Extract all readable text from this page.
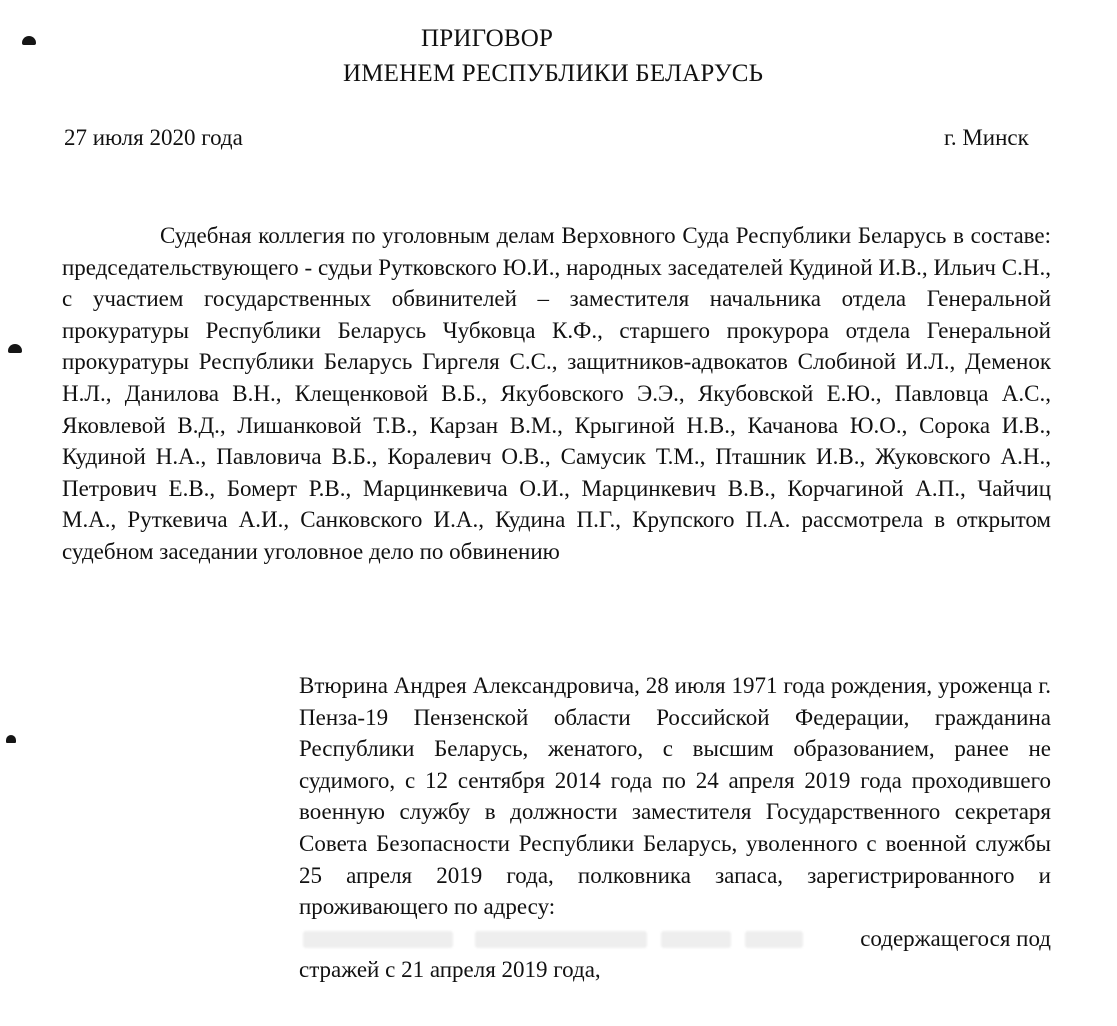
ПРИГОВОР
ИМЕНЕМ РЕСПУБЛИКИ БЕЛАРУСЬ
27 июля 2020 года	г. Минск

Судебная коллегия по уголовным делам Верховного Суда Республики Беларусь в составе: председательствующего - судьи Рутковского Ю.И., народных заседателей Кудиной И.В., Ильич С.Н., с участием государственных обвинителей – заместителя начальника отдела Генеральной прокуратуры Республики Беларусь Чубковца К.Ф., старшего прокурора отдела Генеральной прокуратуры Республики Беларусь Гиргеля С.С., защитников-адвокатов Слобиной И.Л., Деменок Н.Л., Данилова В.Н., Клещенковой В.Б., Якубовского Э.Э., Якубовской Е.Ю., Павловца А.С., Яковлевой В.Д., Лишанковой Т.В., Карзан В.М., Крыгиной Н.В., Качанова Ю.О., Сорока И.В., Кудиной Н.А., Павловича В.Б., Коралевич О.В., Самусик Т.М., Пташник И.В., Жуковского А.Н., Петрович Е.В., Бомерт Р.В., Марцинкевича О.И., Марцинкевич В.В., Корчагиной А.П., Чайчиц М.А., Руткевича А.И., Санковского И.А., Кудина П.Г., Крупского П.А. рассмотрела в открытом судебном заседании уголовное дело по обвинению

Втюрина Андрея Александровича, 28 июля 1971 года рождения, уроженца г. Пенза-19 Пензенской области Российской Федерации, гражданина Республики Беларусь, женатого, с высшим образованием, ранее не судимого, с 12 сентября 2014 года по 24 апреля 2019 года проходившего военную службу в должности заместителя Государственного секретаря Совета Безопасности Республики Беларусь, уволенного с военной службы 25 апреля 2019 года, полковника запаса, зарегистрированного и проживающего по адресу:

содержащегося под

стражей с 21 апреля 2019 года,
